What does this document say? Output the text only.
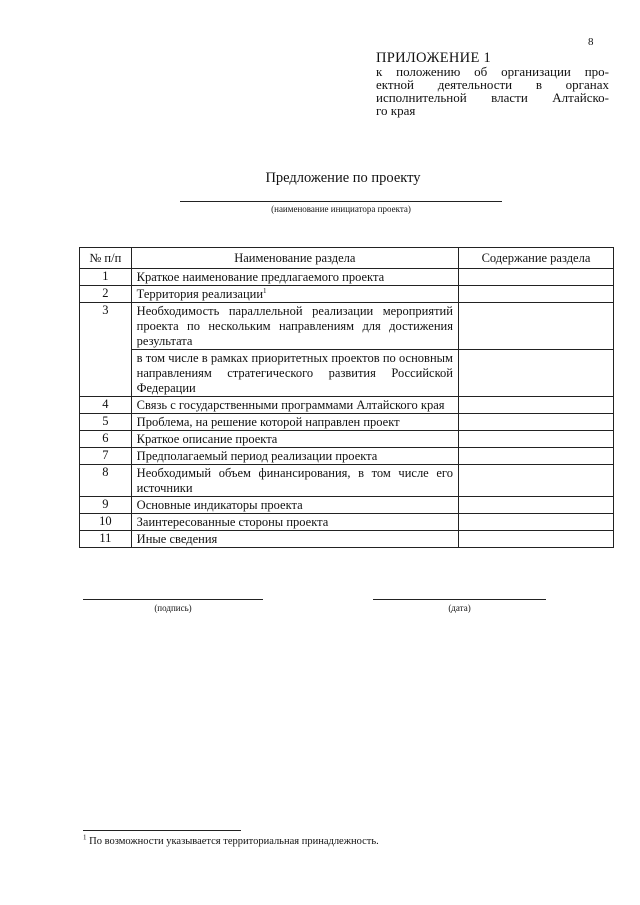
8
ПРИЛОЖЕНИЕ 1
к положению об организации про-
ектной деятельности в органах
исполнительной власти Алтайско-
го края
Предложение по проекту
(наименование инициатора проекта)
№ п/п	Наименование раздела	Содержание раздела
1	Краткое наименование предлагаемого проекта	
2	Территория реализации$^1$	
3	Необходимость параллельной реализации мероприятий проекта по нескольким направлениям для достижения результата	
	в том числе в рамках приоритетных проектов по основным направлениям стратегического развития Российской Федерации	
4	Связь с государственными программами Алтайского края	
5	Проблема, на решение которой направлен проект	
6	Краткое описание проекта	
7	Предполагаемый период реализации проекта	
8	Необходимый объем финансирования, в том числе его источники	
9	Основные индикаторы проекта	
10	Заинтересованные стороны проекта	
11	Иные сведения	
(подпись)	(дата)
$^1$ По возможности указывается территориальная принадлежность.
